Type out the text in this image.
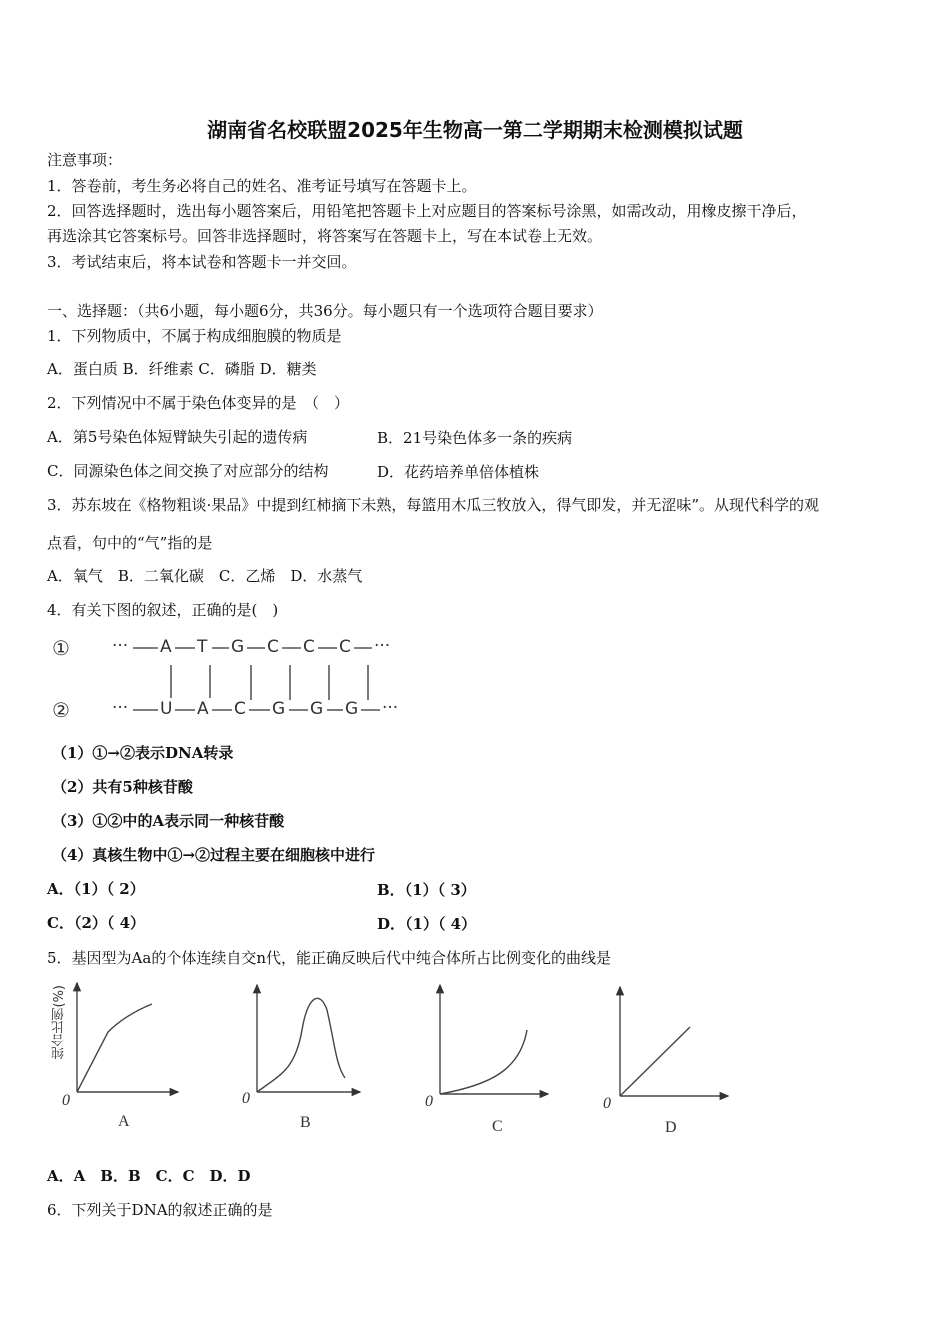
湖南省名校联盟2025年生物高一第二学期期末检测模拟试题
注意事项：
1．答卷前，考生务必将自己的姓名、准考证号填写在答题卡上。
2．回答选择题时，选出每小题答案后，用铅笔把答题卡上对应题目的答案标号涂黑，如需改动，用橡皮擦干净后，
再选涂其它答案标号。回答非选择题时，将答案写在答题卡上，写在本试卷上无效。
3．考试结束后，将本试卷和答题卡一并交回。
一、选择题：（共6小题，每小题6分，共36分。每小题只有一个选项符合题目要求）
1．下列物质中，不属于构成细胞膜的物质是
A．蛋白质 B．纤维素 C．磷脂 D．糖类
2．下列情况中不属于染色体变异的是　（　）
A．第5号染色体短臂缺失引起的遗传病	B．21号染色体多一条的疾病
C．同源染色体之间交换了对应部分的结构	D．花药培养单倍体植株
3．苏东坡在《格物粗谈·果品》中提到红柿摘下未熟，每篮用木瓜三牧放入，得气即发，并无涩味”。从现代科学的观
点看，句中的“气”指的是
A．氧气　B．二氧化碳　C．乙烯　D．水蒸气
4．有关下图的叙述，正确的是(　)
①
②
···	···
···	···
A T G C C C
U A C G G G
（1）①→②表示DNA转录
（2）共有5种核苷酸
（3）①②中的A表示同一种核苷酸
（4）真核生物中①→②过程主要在细胞核中进行
A．（1）（ 2）	B．（1）（ 3）
C．（2）（ 4）	D．（1）（ 4）
5．基因型为Aa的个体连续自交n代，能正确反映后代中纯合体所占比例变化的曲线是
纯合比例(%)
0	0	0	0
A	B	C	D
A．A　B．B　C．C　D．D
6．下列关于DNA的叙述正确的是
